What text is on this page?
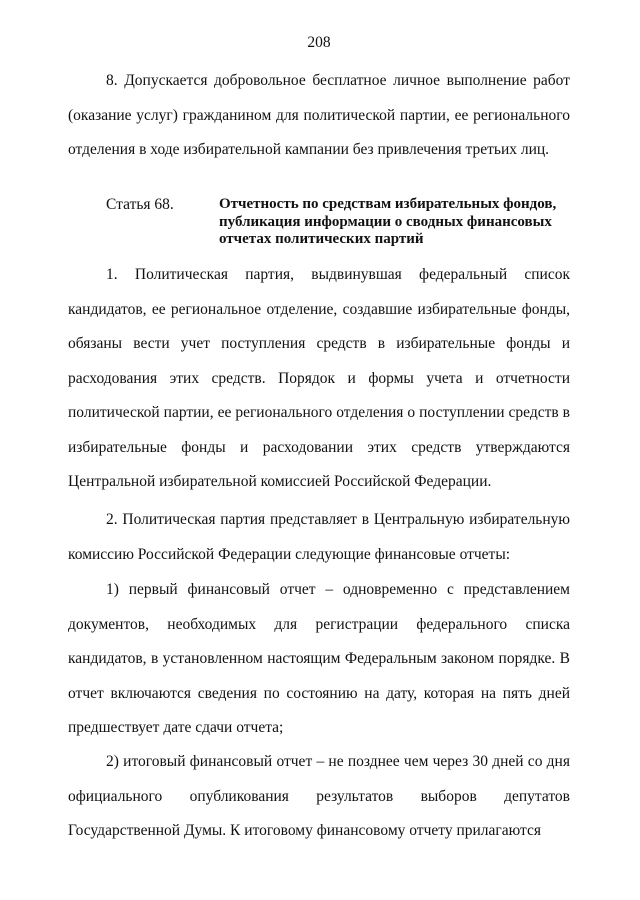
208

8. Допускается добровольное бесплатное личное выполнение работ (оказание услуг) гражданином для политической партии, ее регионального отделения в ходе избирательной кампании без привлечения третьих лиц.

Статья 68.	Отчетность по средствам избирательных фондов, публикация информации о сводных финансовых отчетах политических партий

1. Политическая партия, выдвинувшая федеральный список кандидатов, ее региональное отделение, создавшие избирательные фонды, обязаны вести учет поступления средств в избирательные фонды и расходования этих средств. Порядок и формы учета и отчетности политической партии, ее регионального отделения о поступлении средств в избирательные фонды и расходовании этих средств утверждаются Центральной избирательной комиссией Российской Федерации.

2. Политическая партия представляет в Центральную избирательную комиссию Российской Федерации следующие финансовые отчеты:

1) первый финансовый отчет – одновременно с представлением документов, необходимых для регистрации федерального списка кандидатов, в установленном настоящим Федеральным законом порядке. В отчет включаются сведения по состоянию на дату, которая на пять дней предшествует дате сдачи отчета;

2) итоговый финансовый отчет – не позднее чем через 30 дней со дня официального опубликования результатов выборов депутатов Государственной Думы. К итоговому финансовому отчету прилагаются
